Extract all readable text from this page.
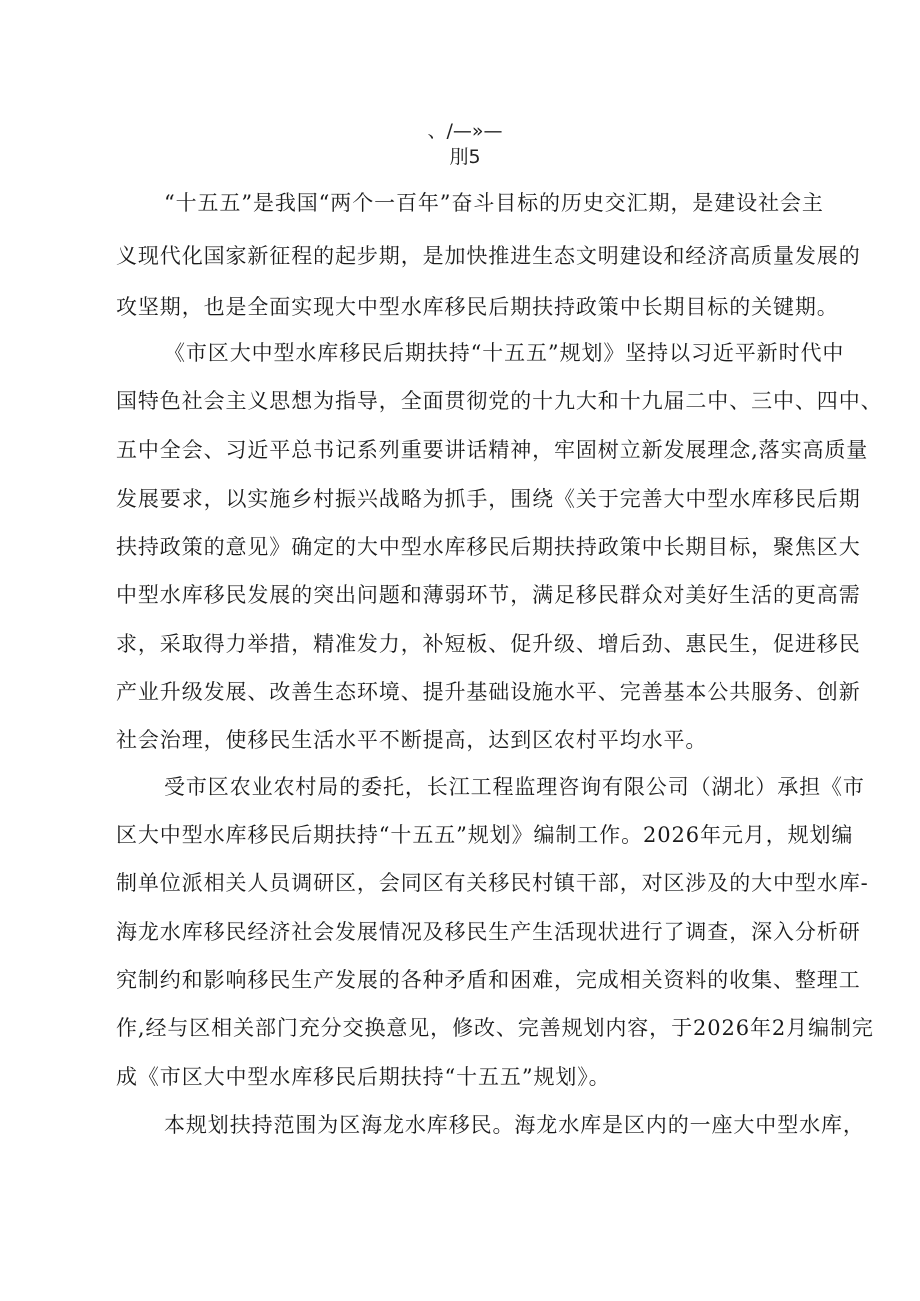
、/—»—
刖5
“十五五”是我国“两个一百年”奋斗目标的历史交汇期，是建设社会主
义现代化国家新征程的起步期，是加快推进生态文明建设和经济高质量发展的
攻坚期，也是全面实现大中型水库移民后期扶持政策中长期目标的关键期。
《市区大中型水库移民后期扶持“十五五”规划》坚持以习近平新时代中
国特色社会主义思想为指导，全面贯彻党的十九大和十九届二中、三中、四中、
五中全会、习近平总书记系列重要讲话精神，牢固树立新发展理念,落实高质量
发展要求，以实施乡村振兴战略为抓手，围绕《关于完善大中型水库移民后期
扶持政策的意见》确定的大中型水库移民后期扶持政策中长期目标，聚焦区大
中型水库移民发展的突出问题和薄弱环节，满足移民群众对美好生活的更高需
求，采取得力举措，精准发力，补短板、促升级、增后劲、惠民生，促进移民
产业升级发展、改善生态环境、提升基础设施水平、完善基本公共服务、创新
社会治理，使移民生活水平不断提高，达到区农村平均水平。
受市区农业农村局的委托，长江工程监理咨询有限公司（湖北）承担《市
区大中型水库移民后期扶持“十五五”规划》编制工作。2026年元月，规划编
制单位派相关人员调研区，会同区有关移民村镇干部，对区涉及的大中型水库-
海龙水库移民经济社会发展情况及移民生产生活现状进行了调查，深入分析研
究制约和影响移民生产发展的各种矛盾和困难，完成相关资料的收集、整理工
作,经与区相关部门充分交换意见，修改、完善规划内容，于2026年2月编制完
成《市区大中型水库移民后期扶持“十五五”规划》。
本规划扶持范围为区海龙水库移民。海龙水库是区内的一座大中型水库，
